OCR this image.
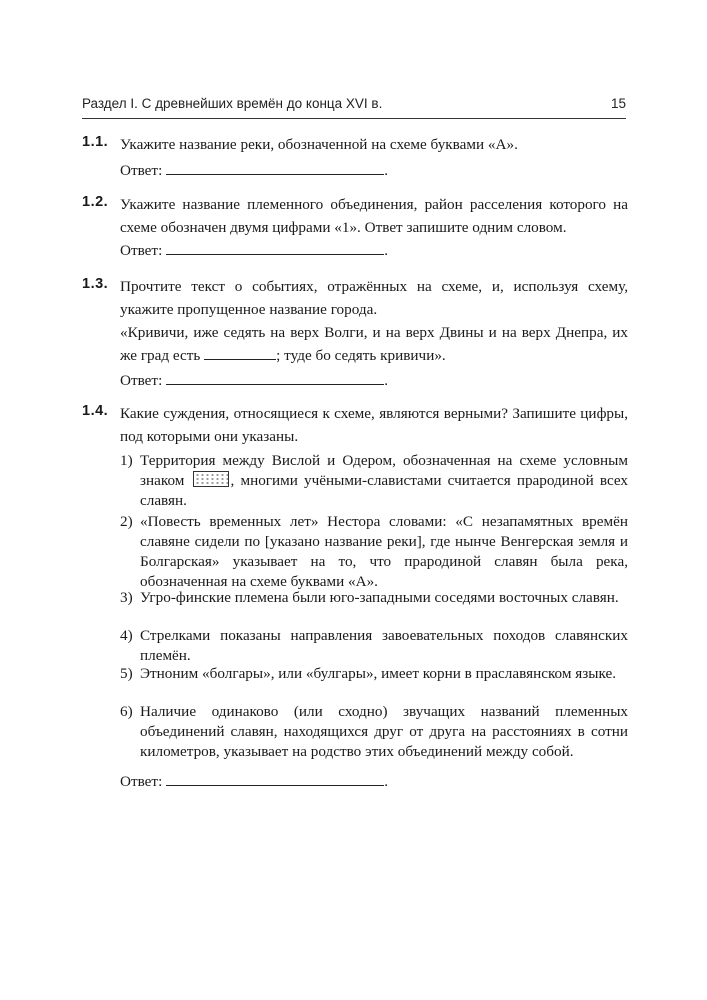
Раздел I. С древнейших времён до конца XVI в.	15
1.1. Укажите название реки, обозначенной на схеме буквами «А».
Ответ:	.
1.2. Укажите название племенного объединения, район расселения которого на схеме обозначен двумя цифрами «1». Ответ запишите одним словом.
Ответ:	.
1.3. Прочтите текст о событиях, отражённых на схеме, и, используя схему, укажите пропущенное название города.
«Кривичи, иже седять на верх Волги, и на верх Двины и на верх Днепра, их же град есть	; туде бо седять кривичи».
Ответ:	.
1.4. Какие суждения, относящиеся к схеме, являются верными? Запишите цифры, под которыми они указаны.
1) Территория между Вислой и Одером, обозначенная на схеме условным знаком	, многими учёными-славистами считается прародиной всех славян.
2) «Повесть временных лет» Нестора словами: «С незапамятных времён славяне сидели по [указано название реки], где нынче Венгерская земля и Болгарская» указывает на то, что прародиной славян была река, обозначенная на схеме буквами «А».
3) Угро-финские племена были юго-западными соседями восточных славян.
4) Стрелками показаны направления завоевательных походов славянских племён.
5) Этноним «болгары», или «булгары», имеет корни в праславянском языке.
6) Наличие одинаково (или сходно) звучащих названий племенных объединений славян, находящихся друг от друга на расстояниях в сотни километров, указывает на родство этих объединений между собой.
Ответ:	.
